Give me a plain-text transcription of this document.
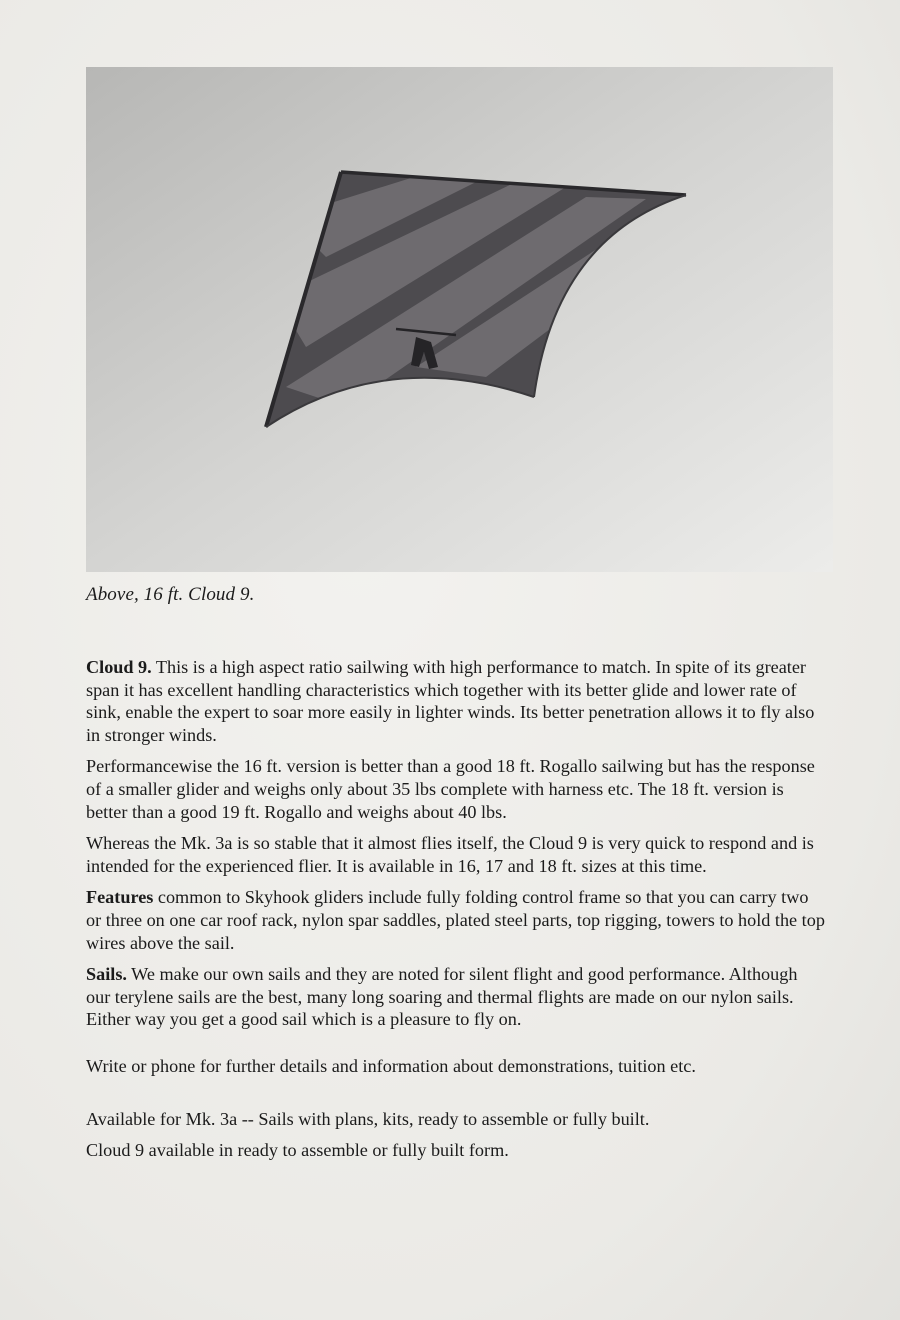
Above, 16 ft. Cloud 9.

Cloud 9. This is a high aspect ratio sailwing with high performance to match. In spite of its greater span it has excellent handling characteristics which together with its better glide and lower rate of sink, enable the expert to soar more easily in lighter winds. Its better penetration allows it to fly also in stronger winds.

Performancewise the 16 ft. version is better than a good 18 ft. Rogallo sailwing but has the response of a smaller glider and weighs only about 35 lbs complete with harness etc. The 18 ft. version is better than a good 19 ft. Rogallo and weighs about 40 lbs.

Whereas the Mk. 3a is so stable that it almost flies itself, the Cloud 9 is very quick to respond and is intended for the experienced flier. It is available in 16, 17 and 18 ft. sizes at this time.

Features common to Skyhook gliders include fully folding control frame so that you can carry two or three on one car roof rack, nylon spar saddles, plated steel parts, top rigging, towers to hold the top wires above the sail.

Sails. We make our own sails and they are noted for silent flight and good performance. Although our terylene sails are the best, many long soaring and thermal flights are made on our nylon sails. Either way you get a good sail which is a pleasure to fly on.

Write or phone for further details and information about demonstrations, tuition etc.

Available for Mk. 3a -- Sails with plans, kits, ready to assemble or fully built.

Cloud 9 available in ready to assemble or fully built form.
